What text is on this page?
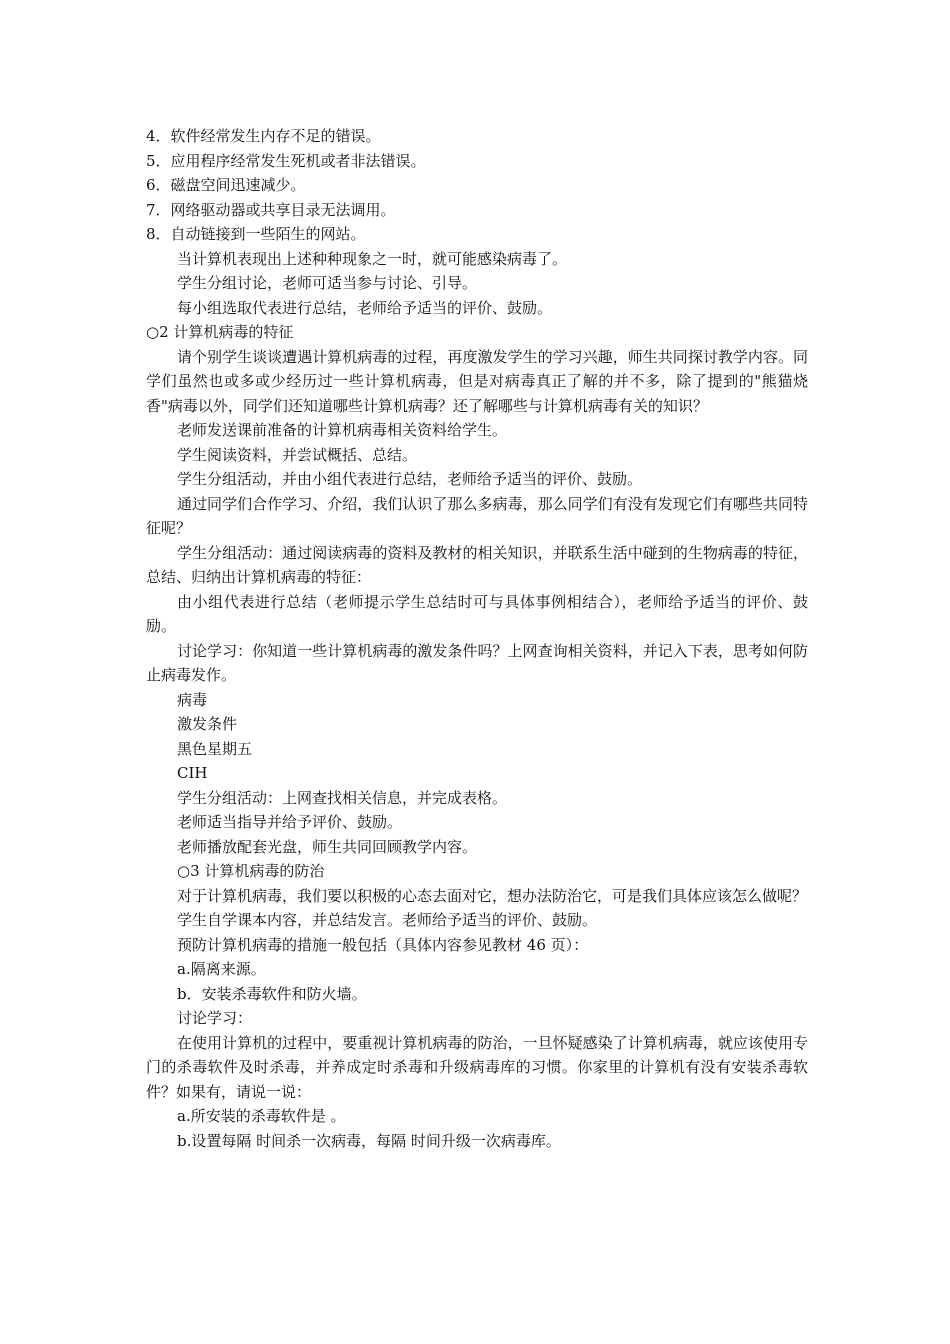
4．软件经常发生内存不足的错误。

5．应用程序经常发生死机或者非法错误。

6．磁盘空间迅速减少。

7．网络驱动器或共享目录无法调用。

8．自动链接到一些陌生的网站。

当计算机表现出上述种种现象之一时，就可能感染病毒了。

学生分组讨论，老师可适当参与讨论、引导。

每小组选取代表进行总结，老师给予适当的评价、鼓励。

○2 计算机病毒的特征

请个别学生谈谈遭遇计算机病毒的过程，再度激发学生的学习兴趣，师生共同探讨教学内容。同学们虽然也或多或少经历过一些计算机病毒，但是对病毒真正了解的并不多，除了提到的"熊猫烧香"病毒以外，同学们还知道哪些计算机病毒？还了解哪些与计算机病毒有关的知识？

老师发送课前准备的计算机病毒相关资料给学生。

学生阅读资料，并尝试概括、总结。

学生分组活动，并由小组代表进行总结，老师给予适当的评价、鼓励。

通过同学们合作学习、介绍，我们认识了那么多病毒，那么同学们有没有发现它们有哪些共同特征呢？

学生分组活动：通过阅读病毒的资料及教材的相关知识，并联系生活中碰到的生物病毒的特征，总结、归纳出计算机病毒的特征：

由小组代表进行总结（老师提示学生总结时可与具体事例相结合），老师给予适当的评价、鼓励。

讨论学习：你知道一些计算机病毒的激发条件吗？上网查询相关资料，并记入下表，思考如何防止病毒发作。

病毒

激发条件

黑色星期五

CIH

学生分组活动：上网查找相关信息，并完成表格。

老师适当指导并给予评价、鼓励。

老师播放配套光盘，师生共同回顾教学内容。

○3 计算机病毒的防治

对于计算机病毒，我们要以积极的心态去面对它，想办法防治它，可是我们具体应该怎么做呢？

学生自学课本内容，并总结发言。老师给予适当的评价、鼓励。

预防计算机病毒的措施一般包括（具体内容参见教材 46 页）：

a.隔离来源。

b．安装杀毒软件和防火墙。

讨论学习：

在使用计算机的过程中，要重视计算机病毒的防治，一旦怀疑感染了计算机病毒，就应该使用专门的杀毒软件及时杀毒，并养成定时杀毒和升级病毒库的习惯。你家里的计算机有没有安装杀毒软件？如果有，请说一说：

a.所安装的杀毒软件是 。

b.设置每隔 时间杀一次病毒，每隔 时间升级一次病毒库。
